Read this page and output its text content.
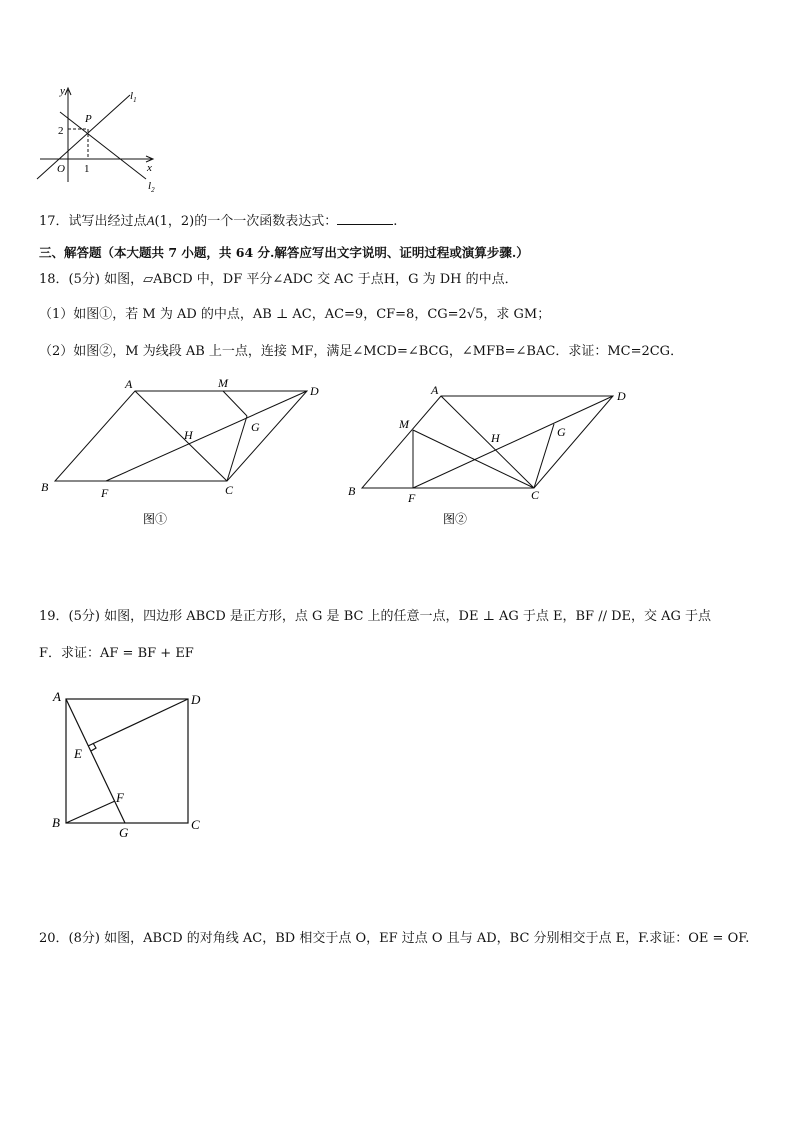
y
x
O
P
2
1
$l_1$
$l_2$
17．试写出经过点A(1，2)的一个一次函数表达式：	.
三、解答题（本大题共 7 小题，共 64 分.解答应写出文字说明、证明过程或演算步骤.）
18．(5分) 如图，▱ABCD 中，DF 平分∠ADC 交 AC 于点H，G 为 DH 的中点．
（1）如图①，若 M 为 AD 的中点，AB ⊥ AC，AC=9，CF=8，CG=2√5，求 GM；
（2）如图②，M 为线段 AB 上一点，连接 MF，满足∠MCD=∠BCG，∠MFB=∠BAC．求证：MC=2CG．
A	M
D
H
G
B	F	C
图①
A
M
D
H	G
B	F	C
图②
19．(5分) 如图，四边形 ABCD 是正方形，点 G 是 BC 上的任意一点，DE ⊥ AG 于点 E，BF // DE，交 AG 于点
F．求证：AF = BF + EF
A	D
E
F
B
G
C
20．(8分) 如图，ABCD 的对角线 AC，BD 相交于点 O，EF 过点 O 且与 AD，BC 分别相交于点 E，F.求证：OE = OF.
